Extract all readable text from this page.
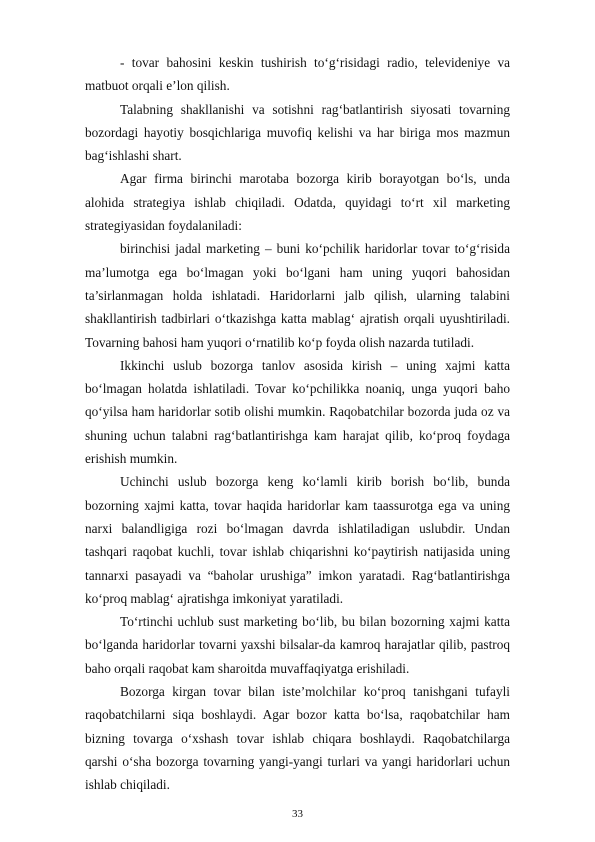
- tovar bahosini keskin tushirish to‘g‘risidagi radio, televideniye va matbuot orqali e’lon qilish.

Talabning shakllanishi va sotishni rag‘batlantirish siyosati tovarning bozordagi hayotiy bosqichlariga muvofiq kelishi va har biriga mos mazmun bag‘ishlashi shart.

Agar firma birinchi marotaba bozorga kirib borayotgan bo‘ls, unda alohida strategiya ishlab chiqiladi. Odatda, quyidagi to‘rt xil marketing strategiyasidan foydalaniladi:

birinchisi jadal marketing – buni ko‘pchilik haridorlar tovar to‘g‘risida ma’lumotga ega bo‘lmagan yoki bo‘lgani ham uning yuqori bahosidan ta’sirlanmagan holda ishlatadi. Haridorlarni jalb qilish, ularning talabini shakllantirish tadbirlari o‘tkazishga katta mablag‘ ajratish orqali uyushtiriladi. Tovarning bahosi ham yuqori o‘rnatilib ko‘p foyda olish nazarda tutiladi.

Ikkinchi uslub bozorga tanlov asosida kirish – uning xajmi katta bo‘lmagan holatda ishlatiladi. Tovar ko‘pchilikka noaniq, unga yuqori baho qo‘yilsa ham haridorlar sotib olishi mumkin. Raqobatchilar bozorda juda oz va shuning uchun talabni rag‘batlantirishga kam harajat qilib, ko‘proq foydaga erishish mumkin.

Uchinchi uslub bozorga keng ko‘lamli kirib borish bo‘lib, bunda bozorning xajmi katta, tovar haqida haridorlar kam taassurotga ega va uning narxi balandligiga rozi bo‘lmagan davrda ishlatiladigan uslubdir. Undan tashqari raqobat kuchli, tovar ishlab chiqarishni ko‘paytirish natijasida uning tannarxi pasayadi va “baholar urushiga” imkon yaratadi. Rag‘batlantirishga ko‘proq mablag‘ ajratishga imkoniyat yaratiladi.

To‘rtinchi uchlub sust marketing bo‘lib, bu bilan bozorning xajmi katta bo‘lganda haridorlar tovarni yaxshi bilsalar-da kamroq harajatlar qilib, pastroq baho orqali raqobat kam sharoitda muvaffaqiyatga erishiladi.

Bozorga kirgan tovar bilan iste’molchilar ko‘proq tanishgani tufayli raqobatchilarni siqa boshlaydi. Agar bozor katta bo‘lsa, raqobatchilar ham bizning tovarga o‘xshash tovar ishlab chiqara boshlaydi. Raqobatchilarga qarshi o‘sha bozorga tovarning yangi-yangi turlari va yangi haridorlari uchun ishlab chiqiladi.

33
